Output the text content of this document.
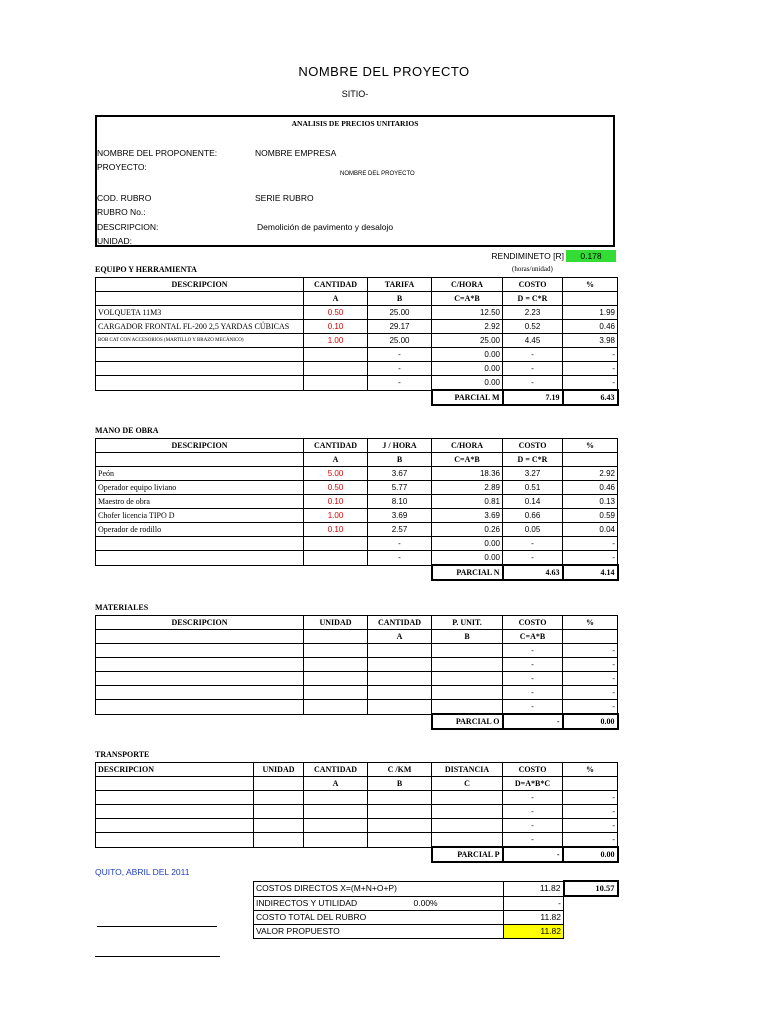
NOMBRE DEL PROYECTO
SITIO-
ANALISIS DE PRECIOS UNITARIOS
NOMBRE DEL PROPONENTE:	NOMBRE EMPRESA
PROYECTO:
NOMBRE DEL PROYECTO
COD. RUBRO	SERIE RUBRO
RUBRO No.:
DESCRIPCION:	Demolición de pavimento y desalojo
UNIDAD:
RENDIMINETO [R]	0.178
(horas/unidad)
EQUIPO Y HERRAMIENTA
DESCRIPCION	CANTIDAD	TARIFA	C/HORA	COSTO	%
	A	B	C=A*B	D = C*R	
VOLQUETA 11M3	0.50	25.00	12.50	2.23	1.99
CARGADOR FRONTAL FL-200 2,5 YARDAS CÚBICAS	0.10	29.17	2.92	0.52	0.46
BOB CAT CON ACCESORIOS (MARTILLO Y BRAZO MECÁNICO)	1.00	25.00	25.00	4.45	3.98
		-	0.00	-	-
		-	0.00	-	-
		-	0.00	-	-
			PARCIAL M	7.19	6.43
MANO DE OBRA
DESCRIPCION	CANTIDAD	J / HORA	C/HORA	COSTO	%
	A	B	C=A*B	D = C*R	
Peón	5.00	3.67	18.36	3.27	2.92
Operador equipo liviano	0.50	5.77	2.89	0.51	0.46
Maestro de obra	0.10	8.10	0.81	0.14	0.13
Chofer licencia TIPO D	1.00	3.69	3.69	0.66	0.59
Operador de rodillo	0.10	2.57	0.26	0.05	0.04
		-	0.00	-	-
		-	0.00	-	-
			PARCIAL N	4.63	4.14
MATERIALES
DESCRIPCION	UNIDAD	CANTIDAD	P. UNIT.	COSTO	%
		A	B	C=A*B	
				-	-
				-	-
				-	-
				-	-
				-	-
			PARCIAL O	-	0.00
TRANSPORTE
DESCRIPCION	UNIDAD	CANTIDAD	C /KM	DISTANCIA	COSTO	%
		A	B	C	D=A*B*C	
					-	-
					-	-
					-	-
					-	-
				PARCIAL P	-	0.00
QUITO, ABRIL DEL 2011
COSTOS DIRECTOS X=(M+N+O+P)	11.82	10.57
INDIRECTOS Y UTILIDAD 0.00%	-	
COSTO TOTAL DEL RUBRO	11.82	
VALOR PROPUESTO	11.82	
